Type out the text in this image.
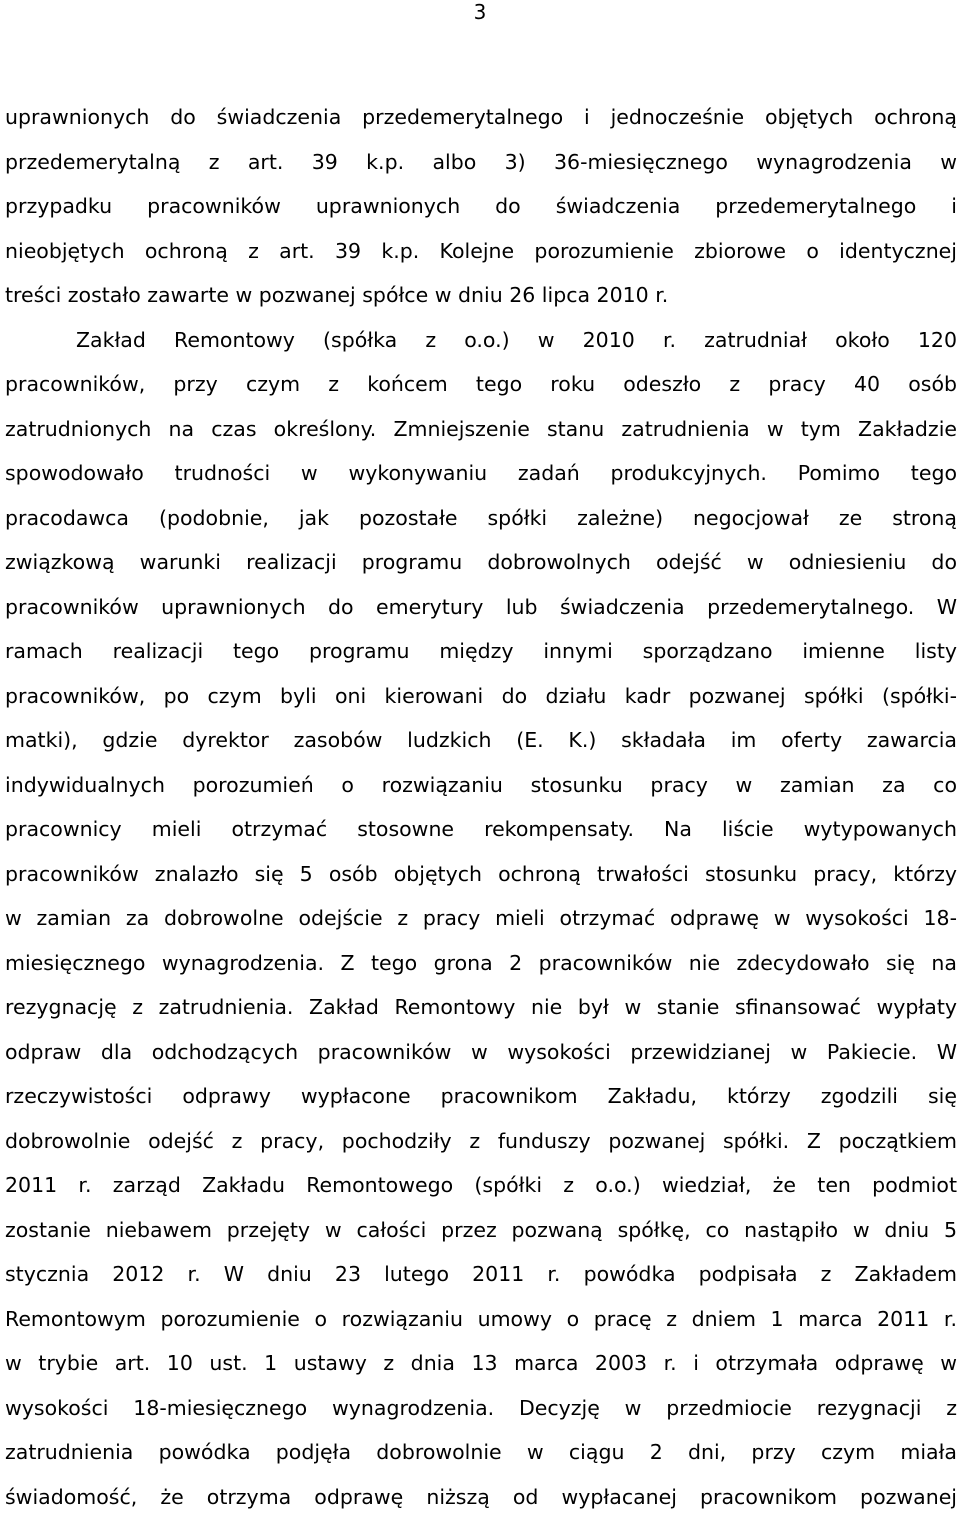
3
uprawnionych do świadczenia przedemerytalnego i jednocześnie objętych ochroną
przedemerytalną z art. 39 k.p. albo 3) 36-miesięcznego wynagrodzenia w
przypadku pracowników uprawnionych do świadczenia przedemerytalnego i
nieobjętych ochroną z art. 39 k.p. Kolejne porozumienie zbiorowe o identycznej
treści zostało zawarte w pozwanej spółce w dniu 26 lipca 2010 r.
Zakład Remontowy (spółka z o.o.) w 2010 r. zatrudniał około 120
pracowników, przy czym z końcem tego roku odeszło z pracy 40 osób
zatrudnionych na czas określony. Zmniejszenie stanu zatrudnienia w tym Zakładzie
spowodowało trudności w wykonywaniu zadań produkcyjnych. Pomimo tego
pracodawca (podobnie, jak pozostałe spółki zależne) negocjował ze stroną
związkową warunki realizacji programu dobrowolnych odejść w odniesieniu do
pracowników uprawnionych do emerytury lub świadczenia przedemerytalnego. W
ramach realizacji tego programu między innymi sporządzano imienne listy
pracowników, po czym byli oni kierowani do działu kadr pozwanej spółki (spółki-
matki), gdzie dyrektor zasobów ludzkich (E. K.) składała im oferty zawarcia
indywidualnych porozumień o rozwiązaniu stosunku pracy w zamian za co
pracownicy mieli otrzymać stosowne rekompensaty. Na liście wytypowanych
pracowników znalazło się 5 osób objętych ochroną trwałości stosunku pracy, którzy
w zamian za dobrowolne odejście z pracy mieli otrzymać odprawę w wysokości 18-
miesięcznego wynagrodzenia. Z tego grona 2 pracowników nie zdecydowało się na
rezygnację z zatrudnienia. Zakład Remontowy nie był w stanie sfinansować wypłaty
odpraw dla odchodzących pracowników w wysokości przewidzianej w Pakiecie. W
rzeczywistości odprawy wypłacone pracownikom Zakładu, którzy zgodzili się
dobrowolnie odejść z pracy, pochodziły z funduszy pozwanej spółki. Z początkiem
2011 r. zarząd Zakładu Remontowego (spółki z o.o.) wiedział, że ten podmiot
zostanie niebawem przejęty w całości przez pozwaną spółkę, co nastąpiło w dniu 5
stycznia 2012 r. W dniu 23 lutego 2011 r. powódka podpisała z Zakładem
Remontowym porozumienie o rozwiązaniu umowy o pracę z dniem 1 marca 2011 r.
w trybie art. 10 ust. 1 ustawy z dnia 13 marca 2003 r. i otrzymała odprawę w
wysokości 18-miesięcznego wynagrodzenia. Decyzję w przedmiocie rezygnacji z
zatrudnienia powódka podjęła dobrowolnie w ciągu 2 dni, przy czym miała
świadomość, że otrzyma odprawę niższą od wypłacanej pracownikom pozwanej
